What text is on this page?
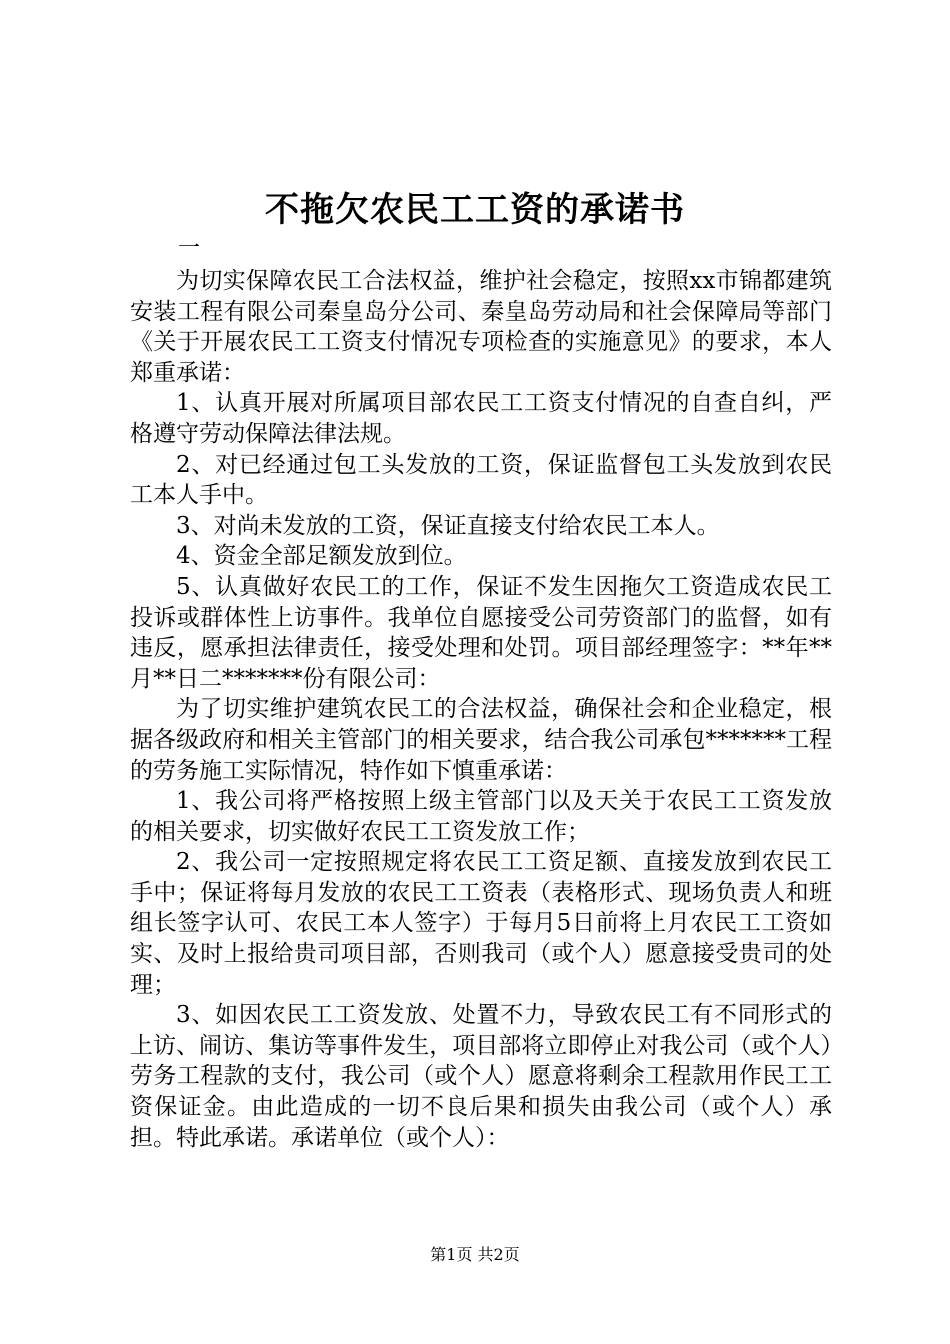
不拖欠农民工工资的承诺书
一

为切实保障农民工合法权益，维护社会稳定，按照xx市锦都建筑安装工程有限公司秦皇岛分公司、秦皇岛劳动局和社会保障局等部门《关于开展农民工工资支付情况专项检查的实施意见》的要求，本人郑重承诺：

1、认真开展对所属项目部农民工工资支付情况的自查自纠，严格遵守劳动保障法律法规。

2、对已经通过包工头发放的工资，保证监督包工头发放到农民工本人手中。

3、对尚未发放的工资，保证直接支付给农民工本人。

4、资金全部足额发放到位。

5、认真做好农民工的工作，保证不发生因拖欠工资造成农民工投诉或群体性上访事件。我单位自愿接受公司劳资部门的监督，如有违反，愿承担法律责任，接受处理和处罚。项目部经理签字：**年**月**日二*******份有限公司：

为了切实维护建筑农民工的合法权益，确保社会和企业稳定，根据各级政府和相关主管部门的相关要求，结合我公司承包*******工程的劳务施工实际情况，特作如下慎重承诺：

1、我公司将严格按照上级主管部门以及天关于农民工工资发放的相关要求，切实做好农民工工资发放工作；

2、我公司一定按照规定将农民工工资足额、直接发放到农民工手中；保证将每月发放的农民工工资表（表格形式、现场负责人和班组长签字认可、农民工本人签字）于每月5日前将上月农民工工资如实、及时上报给贵司项目部，否则我司（或个人）愿意接受贵司的处理；

3、如因农民工工资发放、处置不力，导致农民工有不同形式的上访、闹访、集访等事件发生，项目部将立即停止对我公司（或个人）劳务工程款的支付，我公司（或个人）愿意将剩余工程款用作民工工资保证金。由此造成的一切不良后果和损失由我公司（或个人）承担。特此承诺。承诺单位（或个人）：

第1页 共2页
